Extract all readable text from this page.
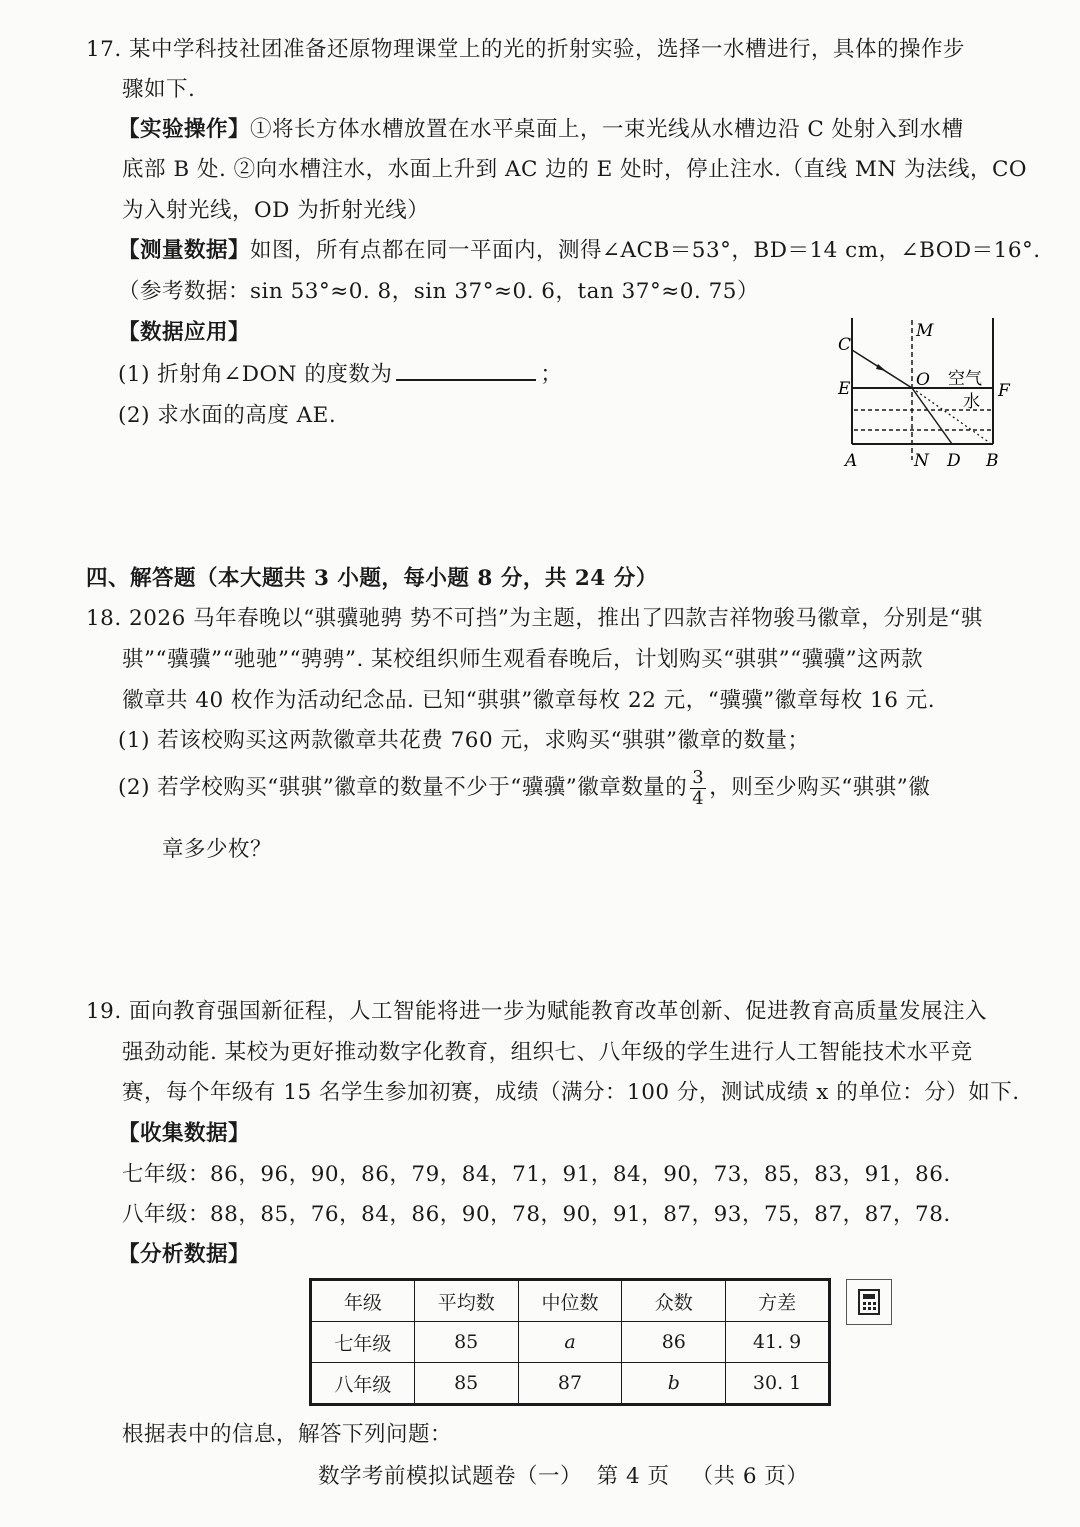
17. 某中学科技社团准备还原物理课堂上的光的折射实验，选择一水槽进行，具体的操作步
骤如下.
【实验操作】①将长方体水槽放置在水平桌面上，一束光线从水槽边沿 C 处射入到水槽
底部 B 处. ②向水槽注水，水面上升到 AC 边的 E 处时，停止注水.（直线 MN 为法线，CO
为入射光线，OD 为折射光线）
【测量数据】如图，所有点都在同一平面内，测得∠ACB＝53°，BD＝14 cm，∠BOD＝16°.
（参考数据：sin 53°≈0. 8，sin 37°≈0. 6，tan 37°≈0. 75）
【数据应用】
(1) 折射角∠DON 的度数为	；
(2) 求水面的高度 AE.
C
M
E	O 空气
F
水
A	N D B
四、解答题（本大题共 3 小题，每小题 8 分，共 24 分）
18. 2026 马年春晚以“骐骥驰骋 势不可挡”为主题，推出了四款吉祥物骏马徽章，分别是“骐
骐”“骥骥”“驰驰”“骋骋”. 某校组织师生观看春晚后，计划购买“骐骐”“骥骥”这两款
徽章共 40 枚作为活动纪念品. 已知“骐骐”徽章每枚 22 元，“骥骥”徽章每枚 16 元.
(1) 若该校购买这两款徽章共花费 760 元，求购买“骐骐”徽章的数量；
(2) 若学校购买“骐骐”徽章的数量不少于“骥骥”徽章数量的 $\frac{3}{4}$ ，则至少购买“骐骐”徽
章多少枚？
19. 面向教育强国新征程，人工智能将进一步为赋能教育改革创新、促进教育高质量发展注入
强劲动能. 某校为更好推动数字化教育，组织七、八年级的学生进行人工智能技术水平竞
赛，每个年级有 15 名学生参加初赛，成绩（满分：100 分，测试成绩 x 的单位：分）如下.
【收集数据】
七年级：86，96，90，86，79，84，71，91，84，90，73，85，83，91，86.
八年级：88，85，76，84，86，90，78，90，91，87，93，75，87，87，78.
【分析数据】
年级	平均数	中位数	众数	方差
七年级	85	a	86	41. 9
八年级	85	87	b	30. 1
根据表中的信息，解答下列问题：
数学考前模拟试题卷（一）  第 4 页   （共 6 页）
